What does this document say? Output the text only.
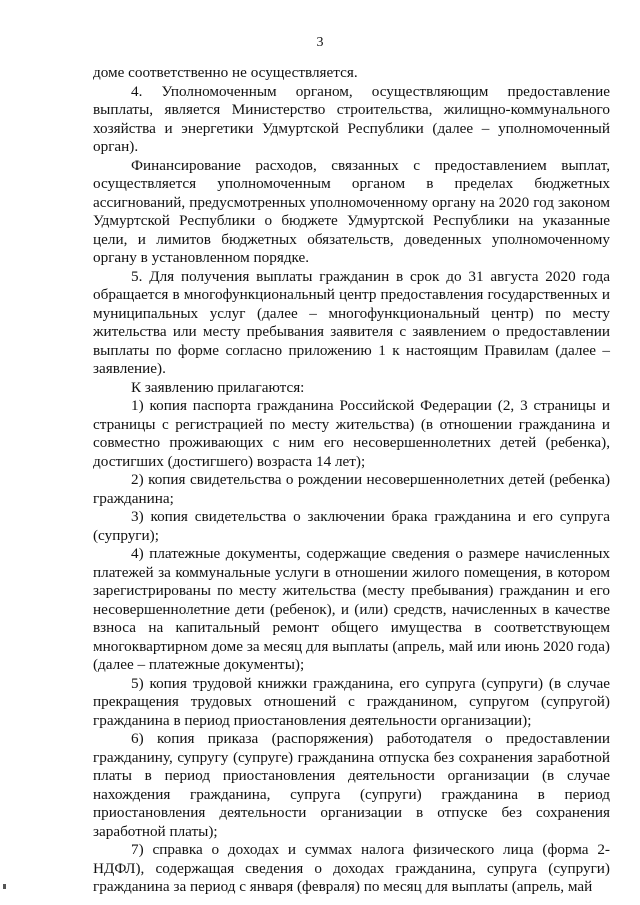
3

доме соответственно не осуществляется.

4. Уполномоченным органом, осуществляющим предоставление выплаты, является Министерство строительства, жилищно-коммунального хозяйства и энергетики Удмуртской Республики (далее – уполномоченный орган).

Финансирование расходов, связанных с предоставлением выплат, осуществляется уполномоченным органом в пределах бюджетных ассигнований, предусмотренных уполномоченному органу на 2020 год законом Удмуртской Республики о бюджете Удмуртской Республики на указанные цели, и лимитов бюджетных обязательств, доведенных уполномоченному органу в установленном порядке.

5. Для получения выплаты гражданин в срок до 31 августа 2020 года обращается в многофункциональный центр предоставления государственных и муниципальных услуг (далее – многофункциональный центр) по месту жительства или месту пребывания заявителя с заявлением о предоставлении выплаты по форме согласно приложению 1 к настоящим Правилам (далее – заявление).

К заявлению прилагаются:

1) копия паспорта гражданина Российской Федерации (2, 3 страницы и страницы с регистрацией по месту жительства) (в отношении гражданина и совместно проживающих с ним его несовершеннолетних детей (ребенка), достигших (достигшего) возраста 14 лет);

2) копия свидетельства о рождении несовершеннолетних детей (ребенка) гражданина;

3) копия свидетельства о заключении брака гражданина и его супруга (супруги);

4) платежные документы, содержащие сведения о размере начисленных платежей за коммунальные услуги в отношении жилого помещения, в котором зарегистрированы по месту жительства (месту пребывания) гражданин и его несовершеннолетние дети (ребенок), и (или) средств, начисленных в качестве взноса на капитальный ремонт общего имущества в соответствующем многоквартирном доме за месяц для выплаты (апрель, май или июнь 2020 года) (далее – платежные документы);

5) копия трудовой книжки гражданина, его супруга (супруги) (в случае прекращения трудовых отношений с гражданином, супругом (супругой) гражданина в период приостановления деятельности организации);

6) копия приказа (распоряжения) работодателя о предоставлении гражданину, супругу (супруге) гражданина отпуска без сохранения заработной платы в период приостановления деятельности организации (в случае нахождения гражданина, супруга (супруги) гражданина в период приостановления деятельности организации в отпуске без сохранения заработной платы);

7) справка о доходах и суммах налога физического лица (форма 2-НДФЛ), содержащая сведения о доходах гражданина, супруга (супруги) гражданина за период с января (февраля) по месяц для выплаты (апрель, май
